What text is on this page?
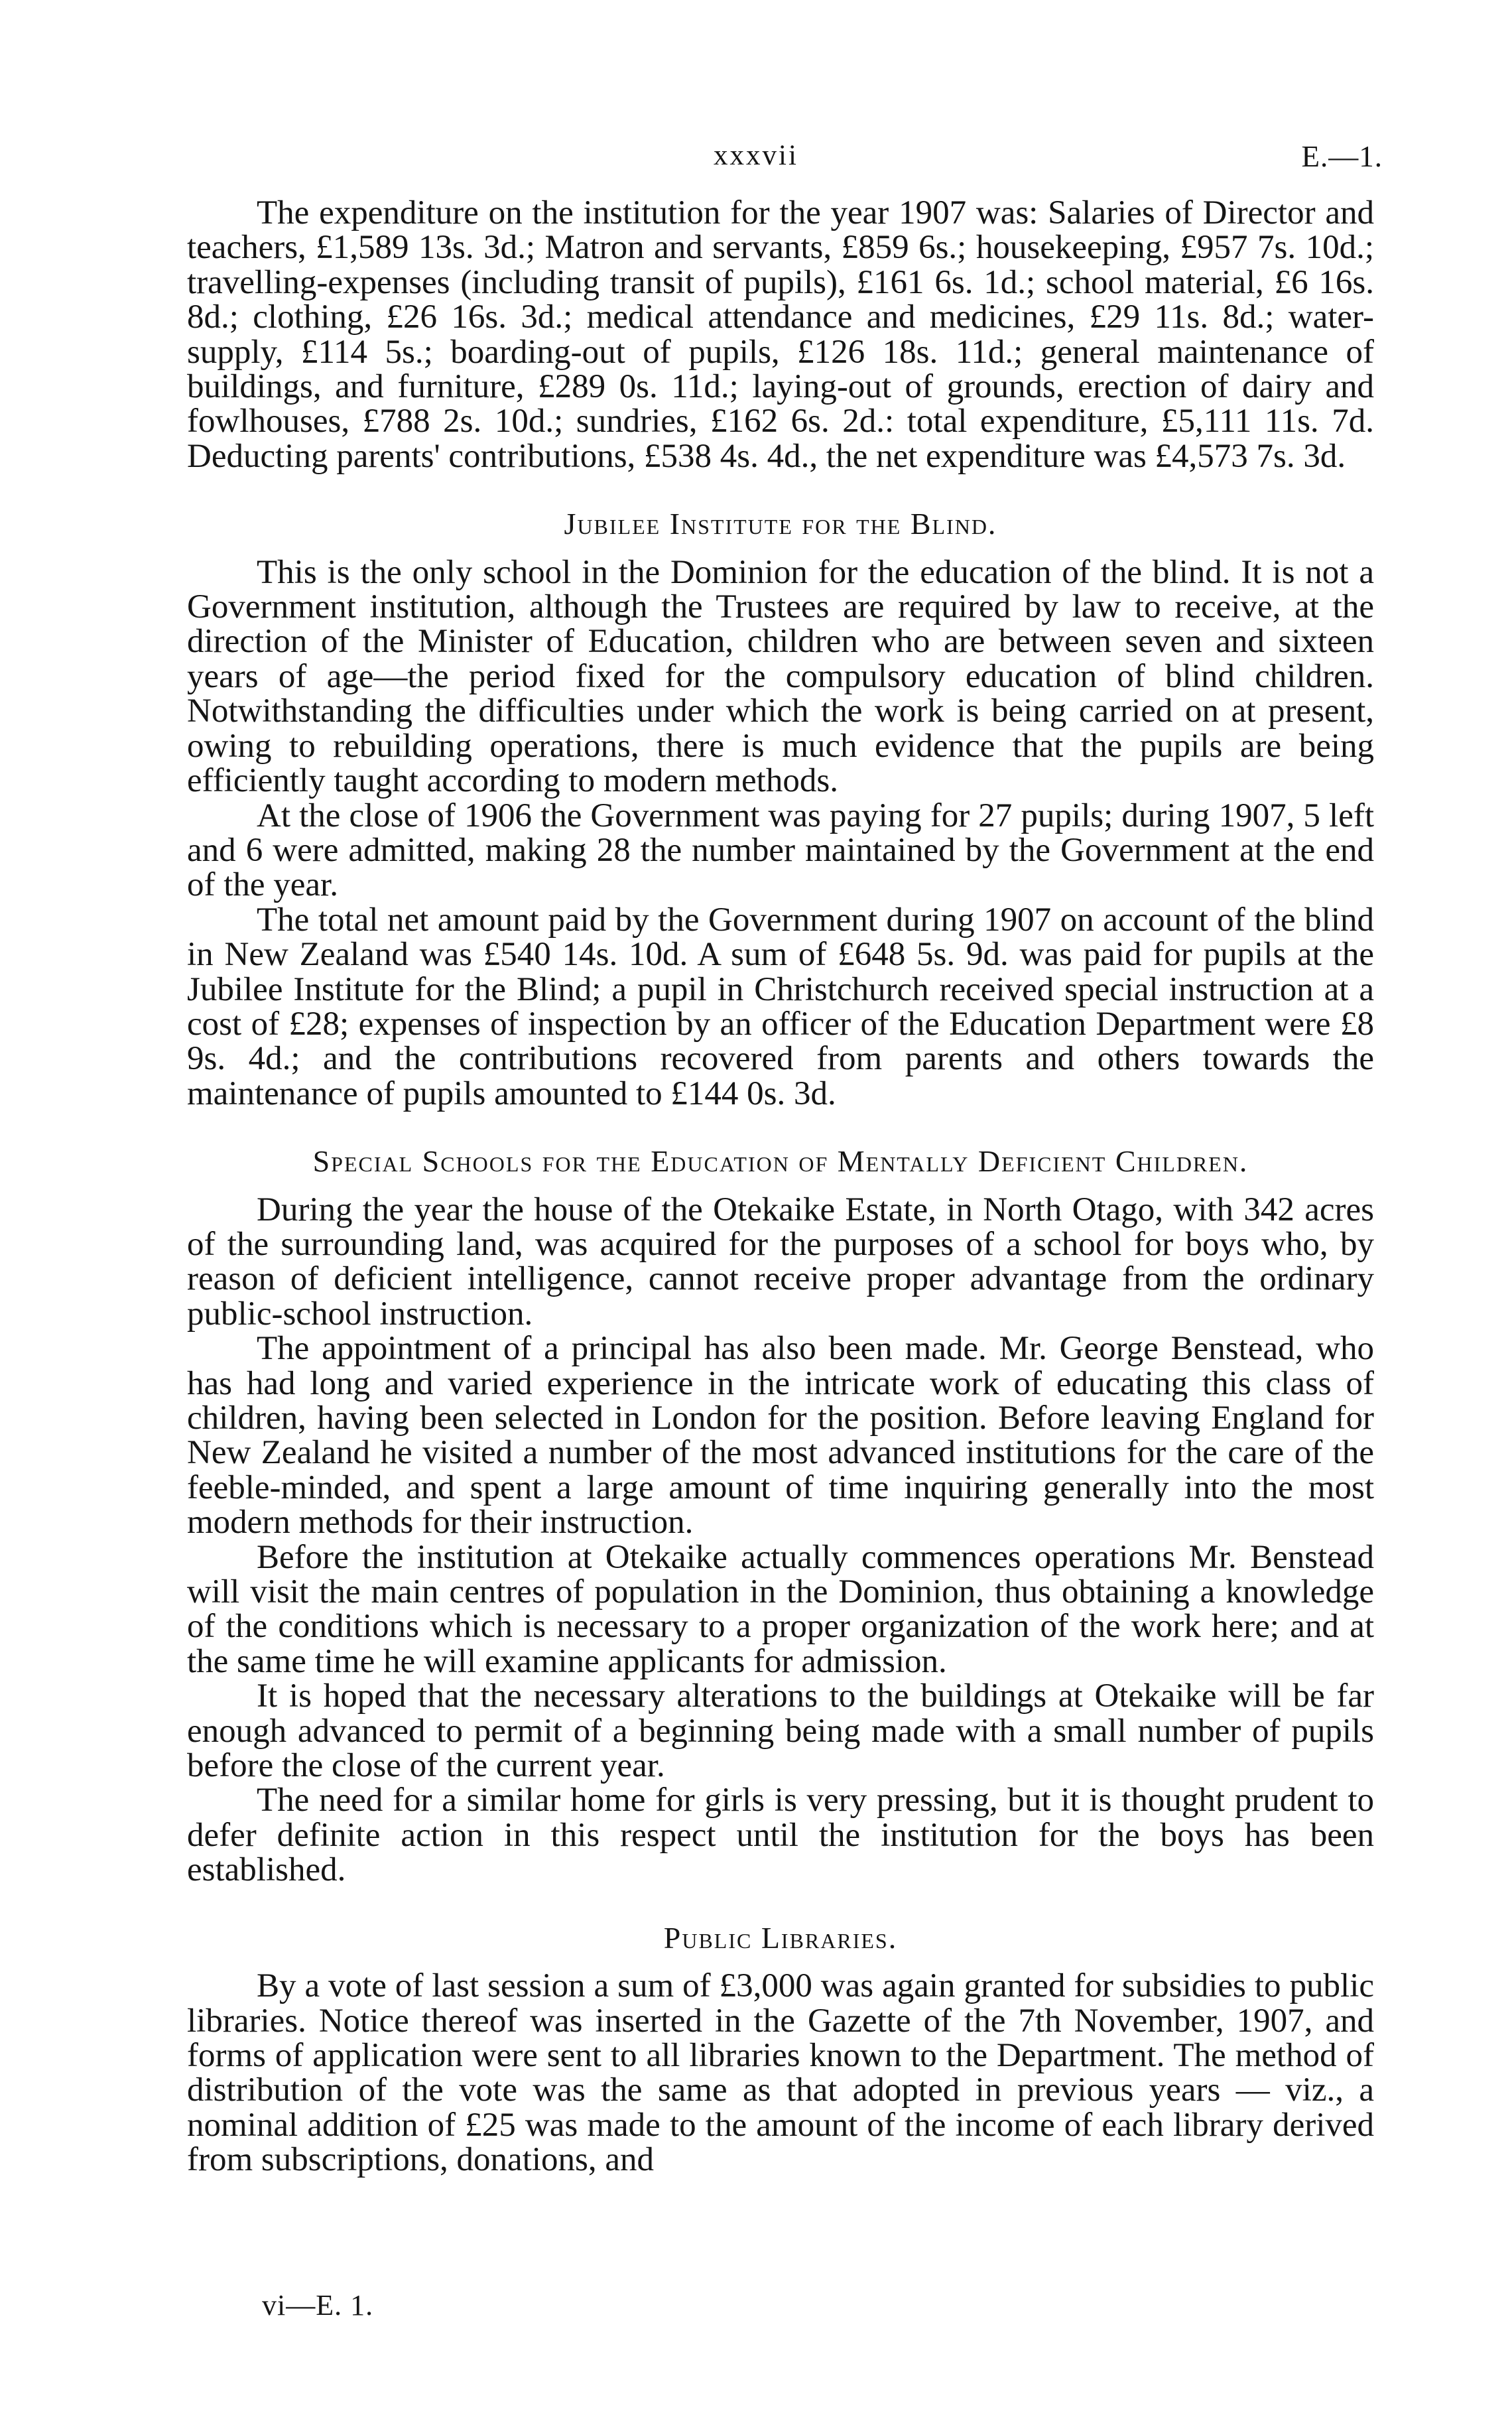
xxxvii	E.—1.

The expenditure on the institution for the year 1907 was: Salaries of Director and teachers, £1,589 13s. 3d.; Matron and servants, £859 6s.; housekeeping, £957 7s. 10d.; travelling-expenses (including transit of pupils), £161 6s. 1d.; school material, £6 16s. 8d.; clothing, £26 16s. 3d.; medical attendance and medicines, £29 11s. 8d.; water-supply, £114 5s.; boarding-out of pupils, £126 18s. 11d.; general maintenance of buildings, and furniture, £289 0s. 11d.; laying-out of grounds, erection of dairy and fowlhouses, £788 2s. 10d.; sundries, £162 6s. 2d.: total expenditure, £5,111 11s. 7d. Deducting parents' contributions, £538 4s. 4d., the net expenditure was £4,573 7s. 3d.

Jubilee Institute for the Blind.

This is the only school in the Dominion for the education of the blind. It is not a Government institution, although the Trustees are required by law to receive, at the direction of the Minister of Education, children who are between seven and sixteen years of age—the period fixed for the compulsory education of blind children. Notwithstanding the difficulties under which the work is being carried on at present, owing to rebuilding operations, there is much evidence that the pupils are being efficiently taught according to modern methods.

At the close of 1906 the Government was paying for 27 pupils; during 1907, 5 left and 6 were admitted, making 28 the number maintained by the Government at the end of the year.

The total net amount paid by the Government during 1907 on account of the blind in New Zealand was £540 14s. 10d. A sum of £648 5s. 9d. was paid for pupils at the Jubilee Institute for the Blind; a pupil in Christchurch received special instruction at a cost of £28; expenses of inspection by an officer of the Education Department were £8 9s. 4d.; and the contributions recovered from parents and others towards the maintenance of pupils amounted to £144 0s. 3d.

Special Schools for the Education of Mentally Deficient Children.

During the year the house of the Otekaike Estate, in North Otago, with 342 acres of the surrounding land, was acquired for the purposes of a school for boys who, by reason of deficient intelligence, cannot receive proper advantage from the ordinary public-school instruction.

The appointment of a principal has also been made. Mr. George Benstead, who has had long and varied experience in the intricate work of educating this class of children, having been selected in London for the position. Before leaving England for New Zealand he visited a number of the most advanced institutions for the care of the feeble-minded, and spent a large amount of time inquiring generally into the most modern methods for their instruction.

Before the institution at Otekaike actually commences operations Mr. Benstead will visit the main centres of population in the Dominion, thus obtaining a knowledge of the conditions which is necessary to a proper organization of the work here; and at the same time he will examine applicants for admission.

It is hoped that the necessary alterations to the buildings at Otekaike will be far enough advanced to permit of a beginning being made with a small number of pupils before the close of the current year.

The need for a similar home for girls is very pressing, but it is thought prudent to defer definite action in this respect until the institution for the boys has been established.

Public Libraries.

By a vote of last session a sum of £3,000 was again granted for subsidies to public libraries. Notice thereof was inserted in the Gazette of the 7th November, 1907, and forms of application were sent to all libraries known to the Department. The method of distribution of the vote was the same as that adopted in previous years — viz., a nominal addition of £25 was made to the amount of the income of each library derived from subscriptions, donations, and

vi—E. 1.
